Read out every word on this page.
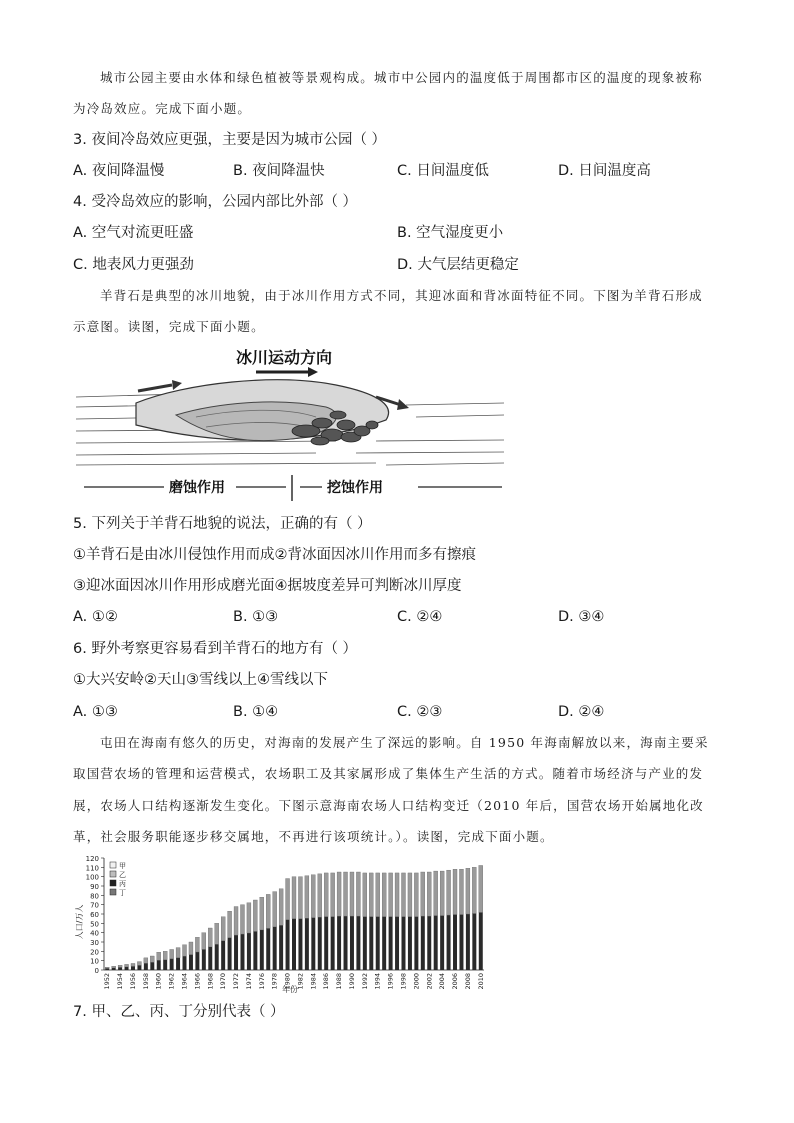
城市公园主要由水体和绿色植被等景观构成。城市中公园内的温度低于周围都市区的温度的现象被称
为冷岛效应。完成下面小题。
3. 夜间冷岛效应更强，主要是因为城市公园（ ）
A. 夜间降温慢	B. 夜间降温快	C. 日间温度低	D. 日间温度高
4. 受冷岛效应的影响，公园内部比外部（ ）
A. 空气对流更旺盛	B. 空气湿度更小
C. 地表风力更强劲	D. 大气层结更稳定
羊背石是典型的冰川地貌，由于冰川作用方式不同，其迎冰面和背冰面特征不同。下图为羊背石形成
示意图。读图，完成下面小题。
冰川运动方向
磨蚀作用	挖蚀作用
5. 下列关于羊背石地貌的说法，正确的有（ ）
①羊背石是由冰川侵蚀作用而成②背冰面因冰川作用而多有擦痕
③迎冰面因冰川作用形成磨光面④据坡度差异可判断冰川厚度
A. ①②	B. ①③	C. ②④	D. ③④
6. 野外考察更容易看到羊背石的地方有（ ）
①大兴安岭②天山③雪线以上④雪线以下
A. ①③	B. ①④	C. ②③	D. ②④
屯田在海南有悠久的历史，对海南的发展产生了深远的影响。自 1950 年海南解放以来，海南主要采
取国营农场的管理和运营模式，农场职工及其家属形成了集体生产生活的方式。随着市场经济与产业的发
展，农场人口结构逐渐发生变化。下图示意海南农场人口结构变迁（2010 年后，国营农场开始属地化改
革，社会服务职能逐步移交属地，不再进行该项统计。）。读图，完成下面小题。
0
10
20
30
40
50
60
70
80
90
100
110
120
1952 1954 1956 1958 1960 1962 1964 1966 1968 1970 1972 1974 1976 1978 1980 1982 1984 1986 1988 1990 1992 1994 1996 1998 2000 2002 2004 2006 2008 2010
甲
乙
丙
丁
人口/万人
年份
7. 甲、乙、丙、丁分别代表（ ）
